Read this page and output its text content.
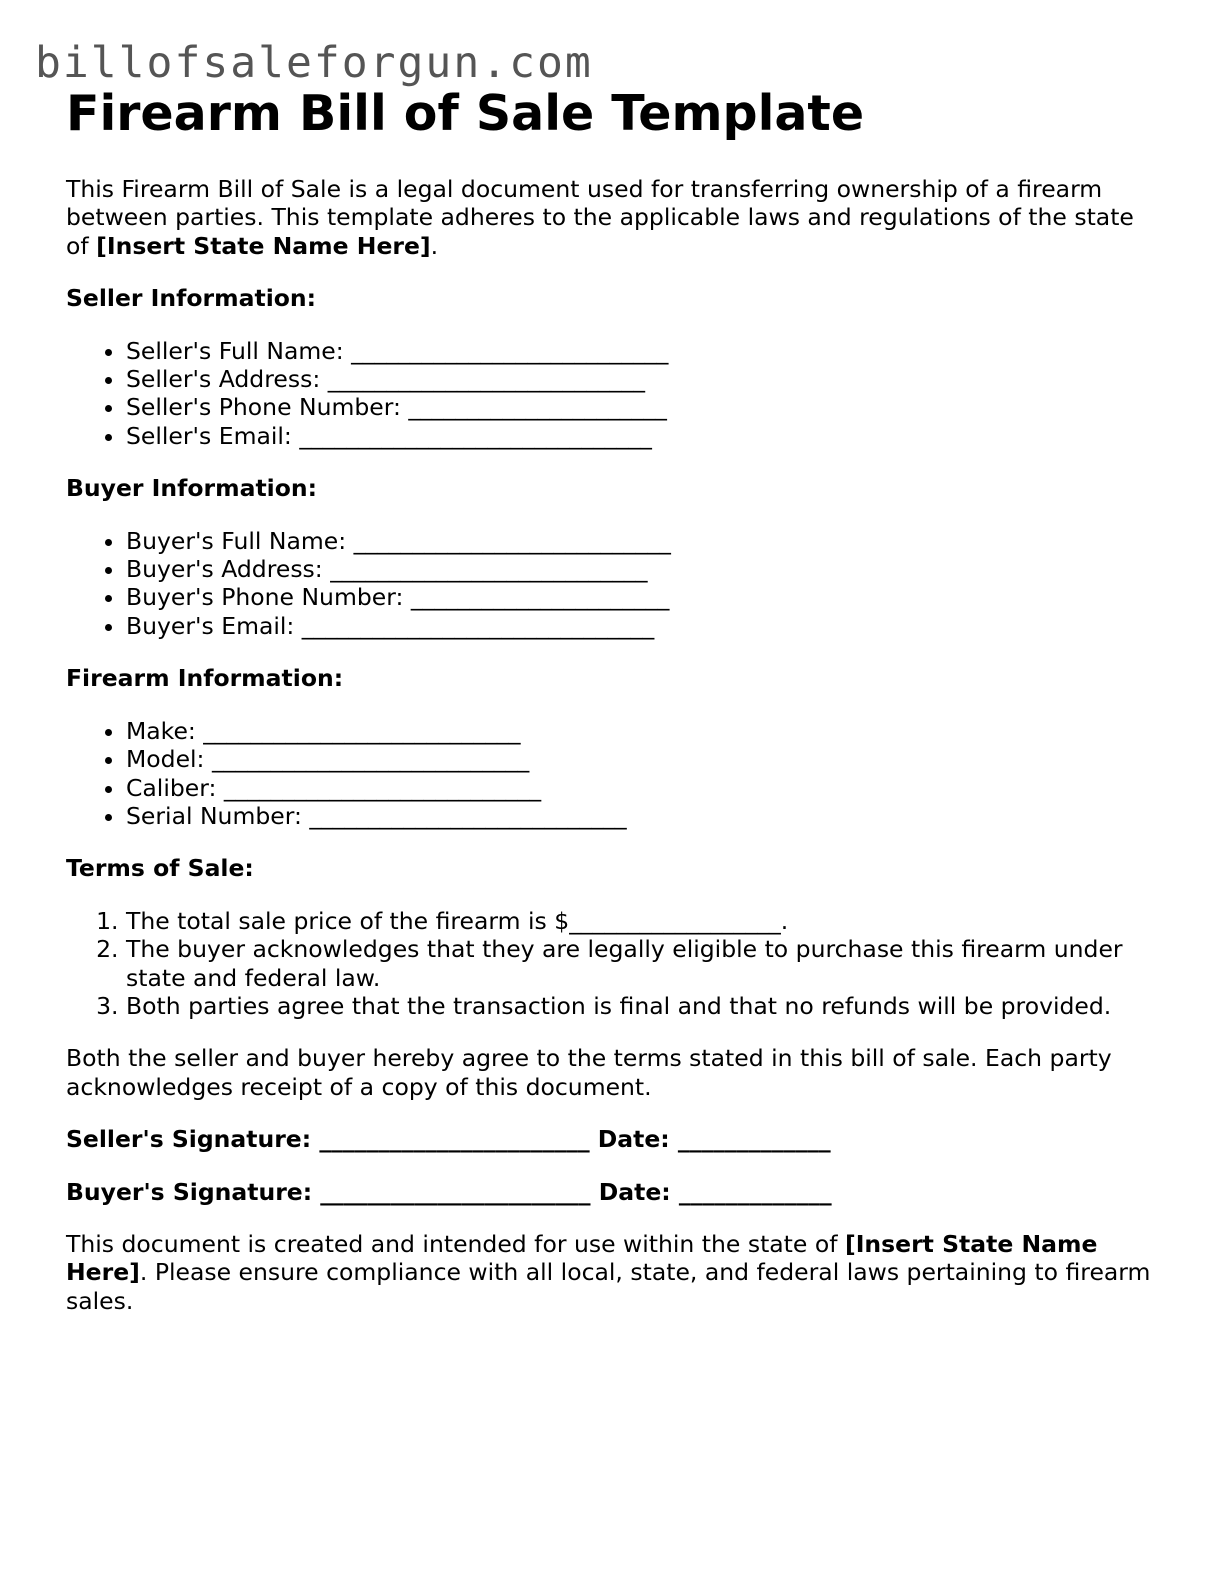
billofsaleforgun.com
Firearm Bill of Sale Template

This Firearm Bill of Sale is a legal document used for transferring ownership of a firearm between parties. This template adheres to the applicable laws and regulations of the state of [Insert State Name Here].

Seller Information:

• Seller's Full Name: ___________________________
• Seller's Address: ___________________________
• Seller's Phone Number: ______________________
• Seller's Email: ______________________________

Buyer Information:

• Buyer's Full Name: ___________________________
• Buyer's Address: ___________________________
• Buyer's Phone Number: ______________________
• Buyer's Email: ______________________________

Firearm Information:

• Make: ___________________________
• Model: ___________________________
• Caliber: ___________________________
• Serial Number: ___________________________

Terms of Sale:

1. The total sale price of the firearm is $__________________.
2. The buyer acknowledges that they are legally eligible to purchase this firearm under state and federal law.
3. Both parties agree that the transaction is final and that no refunds will be provided.

Both the seller and buyer hereby agree to the terms stated in this bill of sale. Each party acknowledges receipt of a copy of this document.

Seller's Signature: _______________________ Date: _____________

Buyer's Signature: _______________________ Date: _____________

This document is created and intended for use within the state of [Insert State Name Here]. Please ensure compliance with all local, state, and federal laws pertaining to firearm sales.
